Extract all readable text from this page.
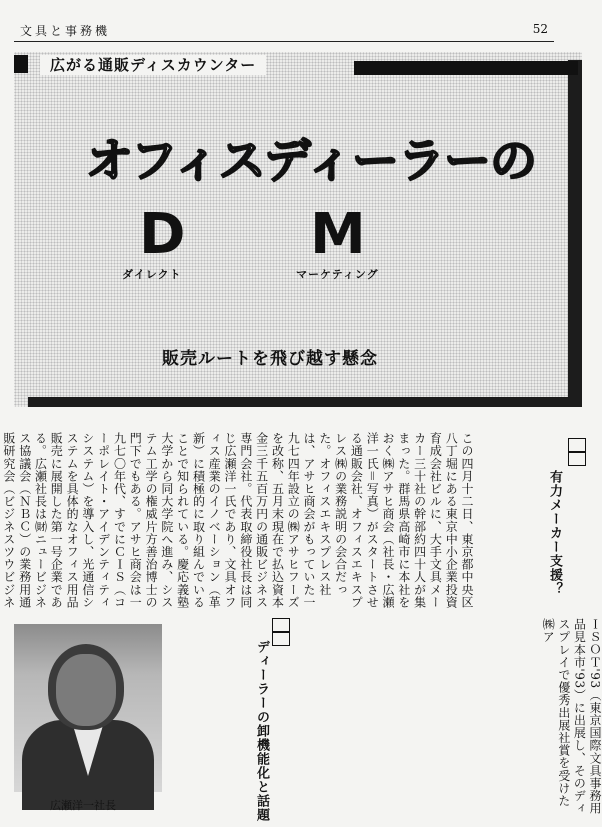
文具と事務機	52
広がる通販ディスカウンター
オフィスディーラーの
D
ダイレクト
M
マーケティング
販売ルートを飛び越す懸念
有力メーカー支援？
この四月十二日、東京都中央区八丁堀にある東京中小企業投資育成会社ビルに、大手文具メーカー三十社の幹部約四十人が集まった。群馬県高崎市に本社をおく㈱アサヒ商会（社長・広瀬洋一氏＝写真）がスタートさせる通販会社、オフィスエキスプレス㈱の業務説明の会合だった。オフィスエキスプレス社は、アサヒ商会がもっていた一九七四年設立の㈱アサヒフーズを改称、五月末現在で払込資本金三千五百万円の通販ビジネス専門会社。代表取締役社長は同じ広瀬洋一氏であり、文具オフィス産業のイノベーション（革新）に積極的に取り組んでいることで知られている。慶応義塾大学から同大学院へ進み、システム工学の権威片方善治博士の門下でもある。アサヒ商会は一九七〇年代、すでにＣＩＳ（コーポレイト・アイデンティティシステム）を導入し、光通信システムを具体的なオフィス用品販売に展開した第一号企業である。広瀬社長は㈶ニュービジネス協議会（ＮＢＣ）の業務用通販研究会（ビジネスツウビジネ
ディーラーの卸機能化と話題	ＩＳＯＴ'93（東京国際文具事務用品見本市'93）に出展し、そのディスプレイで優秀出展社賞を受けた㈱ア
広瀬洋一社長
